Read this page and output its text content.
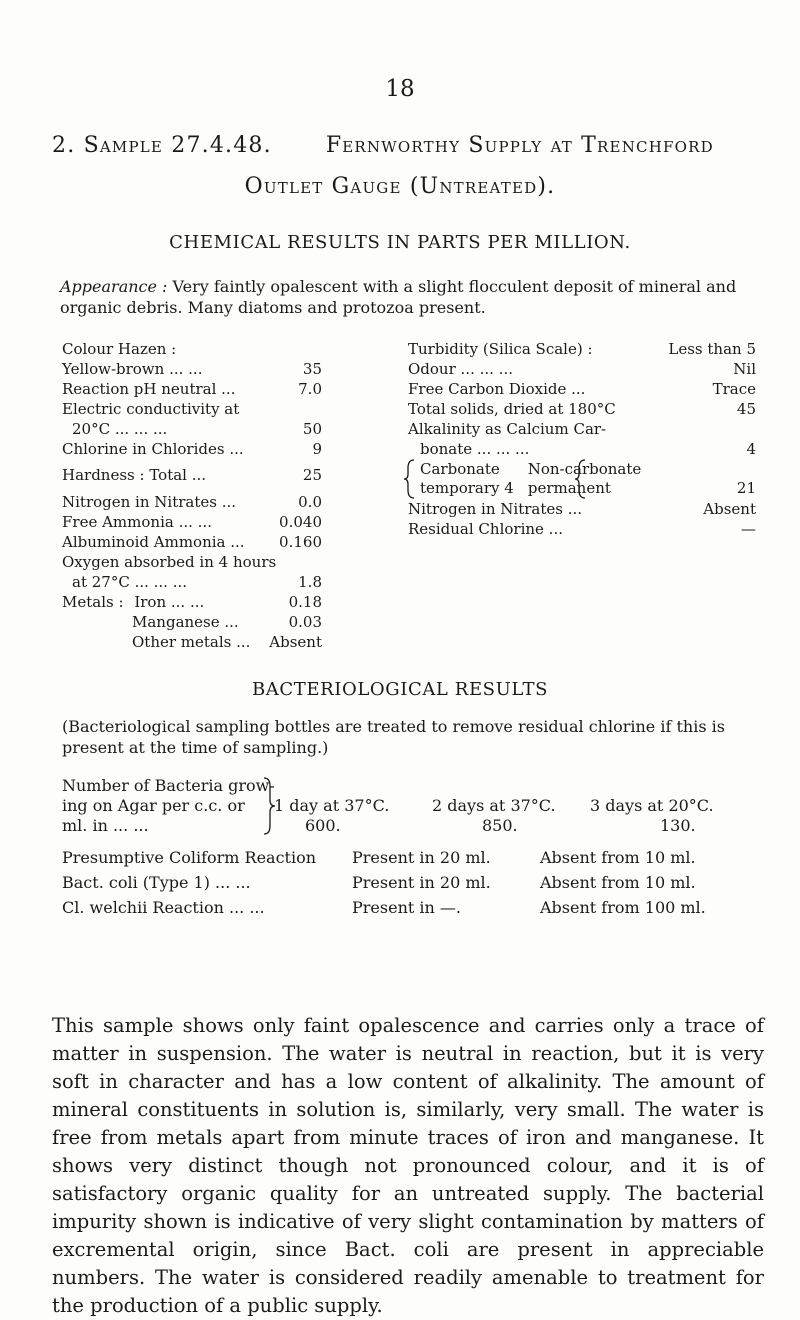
18
2. Sample 27.4.48. Fernworthy Supply at Trenchford
Outlet Gauge (Untreated).
CHEMICAL RESULTS IN PARTS PER MILLION.
Appearance : Very faintly opalescent with a slight flocculent deposit of mineral and organic debris. Many diatoms and protozoa present.
Colour Hazen :
Yellow-brown ... ...	35
Reaction pH neutral ...	7.0
Electric conductivity at
20°C ... ... ...	50
Chlorine in Chlorides ...	9
Hardness : Total ...	25
Nitrogen in Nitrates ...	0.0
Free Ammonia ... ...	0.040
Albuminoid Ammonia ... 0.160
Oxygen absorbed in 4 hours
at 27°C ... ... ...	1.8
Metals : Iron ... ...	0.18
Manganese ...	0.03
Other metals ... Absent
Turbidity (Silica Scale) :	Less than 5
Odour ... ... ...	Nil
Free Carbon Dioxide ...	Trace
Total solids, dried at 180°C	45
Alkalinity as Calcium Car-
bonate ... ... ...	4
Carbonate Non-carbonate
temporary 4 permanent	21
Nitrogen in Nitrates ...	Absent
Residual Chlorine ...	—
BACTERIOLOGICAL RESULTS
(Bacteriological sampling bottles are treated to remove residual chlorine if this is present at the time of sampling.)
Number of Bacteria grow-
ing on Agar per c.c. or
ml. in ... ...
1 day at 37°C.	2 days at 37°C. 3 days at 20°C.
600.	850.	130.
Presumptive Coliform Reaction Present in 20 ml.	Absent from 10 ml.
Bact. coli (Type 1) ... ...	Present in 20 ml.	Absent from 10 ml.
Cl. welchii Reaction ... ...	Present in —.	Absent from 100 ml.
This sample shows only faint opalescence and carries only a trace of matter in suspension. The water is neutral in reaction, but it is very soft in character and has a low content of alkalinity. The amount of mineral constituents in solution is, similarly, very small. The water is free from metals apart from minute traces of iron and manganese. It shows very distinct though not pronounced colour, and it is of satisfactory organic quality for an untreated supply. The bacterial impurity shown is indicative of very slight contamination by matters of excremental origin, since Bact. coli are present in appreciable numbers. The water is considered readily amenable to treatment for the production of a public supply.
